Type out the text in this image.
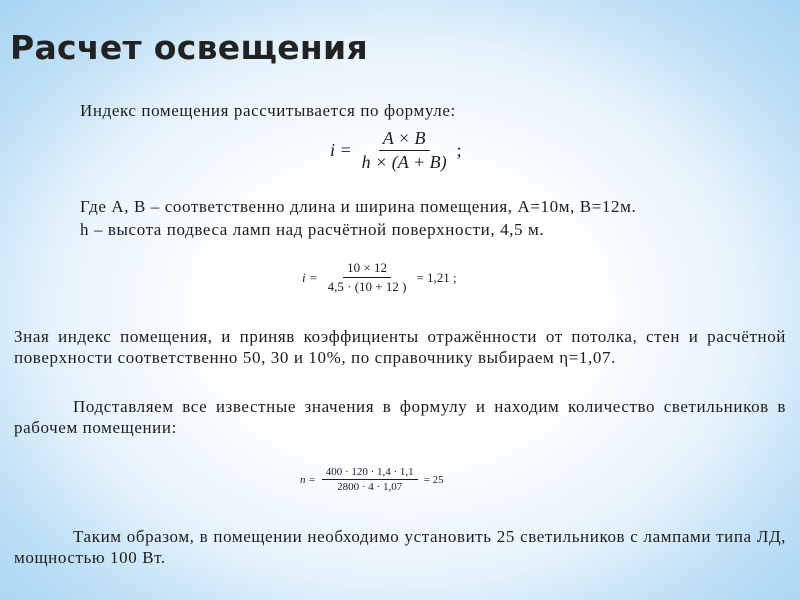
Расчет освещения

Индекс помещения рассчитывается по формуле:

$i = \frac{A \times B}{h \times (A + B)}$ ;

Где A, B – соответственно длина и ширина помещения, A=10м, B=12м.

h – высота подвеса ламп над расчётной поверхности, 4,5 м.

$i = \frac{10 \times 12}{4,5 \cdot (10 + 12 )} = 1,21$ ;

Зная индекс помещения, и приняв коэффициенты отражённости от потолка, стен и расчётной поверхности соответственно 50, 30 и 10%, по справочнику выбираем η=1,07.

Подставляем все известные значения в формулу и находим количество светильников в рабочем помещении:

$n = \frac{400 \cdot 120 \cdot 1,4 \cdot 1,1}{2800 \cdot 4 \cdot 1,07} = 25$

Таким образом, в помещении необходимо установить 25 светильников с лампами типа ЛД, мощностью 100 Вт.
